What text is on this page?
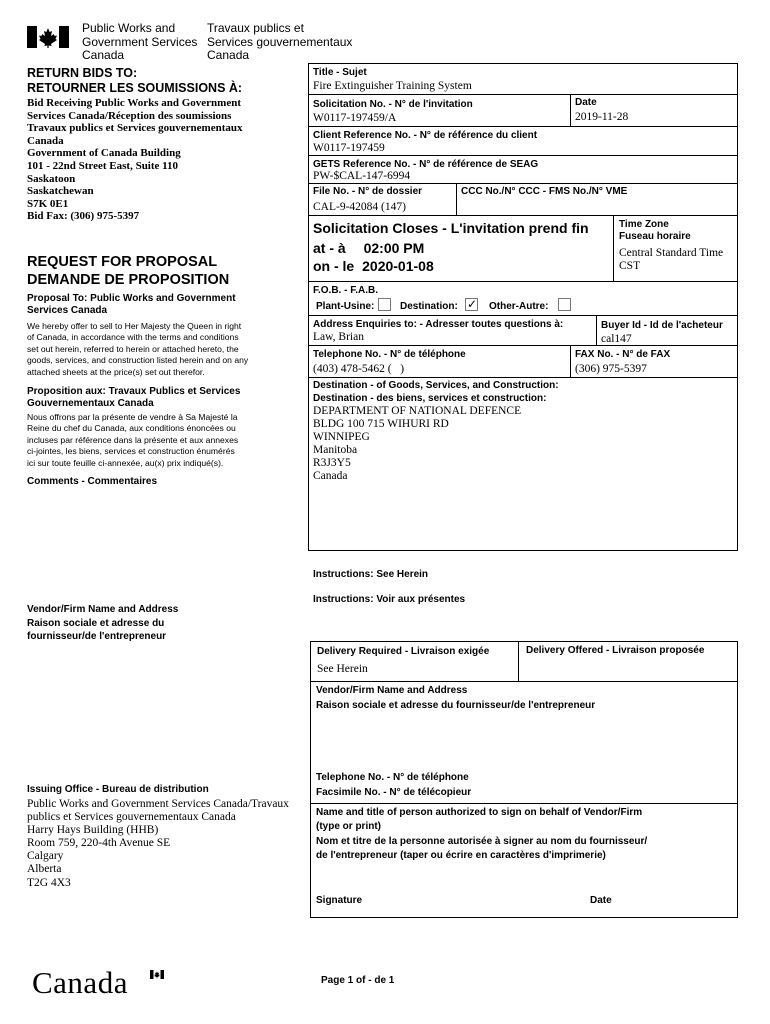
Public Works and
Government Services
Canada
Travaux publics et
Services gouvernementaux
Canada
RETURN BIDS TO:
RETOURNER LES SOUMISSIONS À:
Bid Receiving Public Works and Government
Services Canada/Réception des soumissions
Travaux publics et Services gouvernementaux
Canada
Government of Canada Building
101 - 22nd Street East, Suite 110
Saskatoon
Saskatchewan
S7K 0E1
Bid Fax: (306) 975-5397
REQUEST FOR PROPOSAL
DEMANDE DE PROPOSITION
Proposal To: Public Works and Government
Services Canada
We hereby offer to sell to Her Majesty the Queen in right
of Canada, in accordance with the terms and conditions
set out herein, referred to herein or attached hereto, the
goods, services, and construction listed herein and on any
attached sheets at the price(s) set out therefor.
Proposition aux: Travaux Publics et Services
Gouvernementaux Canada
Nous offrons par la présente de vendre à Sa Majesté la
Reine du chef du Canada, aux conditions énoncées ou
incluses par référence dans la présente et aux annexes
ci-jointes, les biens, services et construction énumérés
ici sur toute feuille ci-annexée, au(x) prix indiqué(s).
Comments - Commentaires
Vendor/Firm Name and Address
Raison sociale et adresse du
fournisseur/de l'entrepreneur
Issuing Office - Bureau de distribution
Public Works and Government Services Canada/Travaux
publics et Services gouvernementaux Canada
Harry Hays Building (HHB)
Room 759, 220-4th Avenue SE
Calgary
Alberta
T2G 4X3
Title - Sujet
Fire Extinguisher Training System
Solicitation No. - N° de l'invitation
W0117-197459/A
Date
2019-11-28
Client Reference No. - N° de référence du client
W0117-197459
GETS Reference No. - N° de référence de SEAG
PW-$CAL-147-6994
File No. - N° de dossier
CAL-9-42084 (147)
CCC No./N° CCC - FMS No./N° VME
Solicitation Closes - L'invitation prend fin
at - à 02:00 PM
on - le 2020-01-08
Time Zone
Fuseau horaire
Central Standard Time
CST
F.O.B. - F.A.B.
Plant-Usine:	Destination: ✓ Other-Autre:
Address Enquiries to: - Adresser toutes questions à:
Law, Brian
Buyer Id - Id de l'acheteur
cal147
Telephone No. - N° de téléphone
(403) 478-5462 (   )
FAX No. - N° de FAX
(306) 975-5397
Destination - of Goods, Services, and Construction:
Destination - des biens, services et construction:
DEPARTMENT OF NATIONAL DEFENCE
BLDG 100 715 WIHURI RD
WINNIPEG
Manitoba
R3J3Y5
Canada
Instructions: See Herein
Instructions: Voir aux présentes
Delivery Required - Livraison exigée
See Herein
Delivery Offered - Livraison proposée
Vendor/Firm Name and Address
Raison sociale et adresse du fournisseur/de l'entrepreneur
Telephone No. - N° de téléphone
Facsimile No. - N° de télécopieur
Name and title of person authorized to sign on behalf of Vendor/Firm
(type or print)
Nom et titre de la personne autorisée à signer au nom du fournisseur/
de l'entrepreneur (taper ou écrire en caractères d'imprimerie)
Signature	Date
Canada	Page 1 of - de 1
